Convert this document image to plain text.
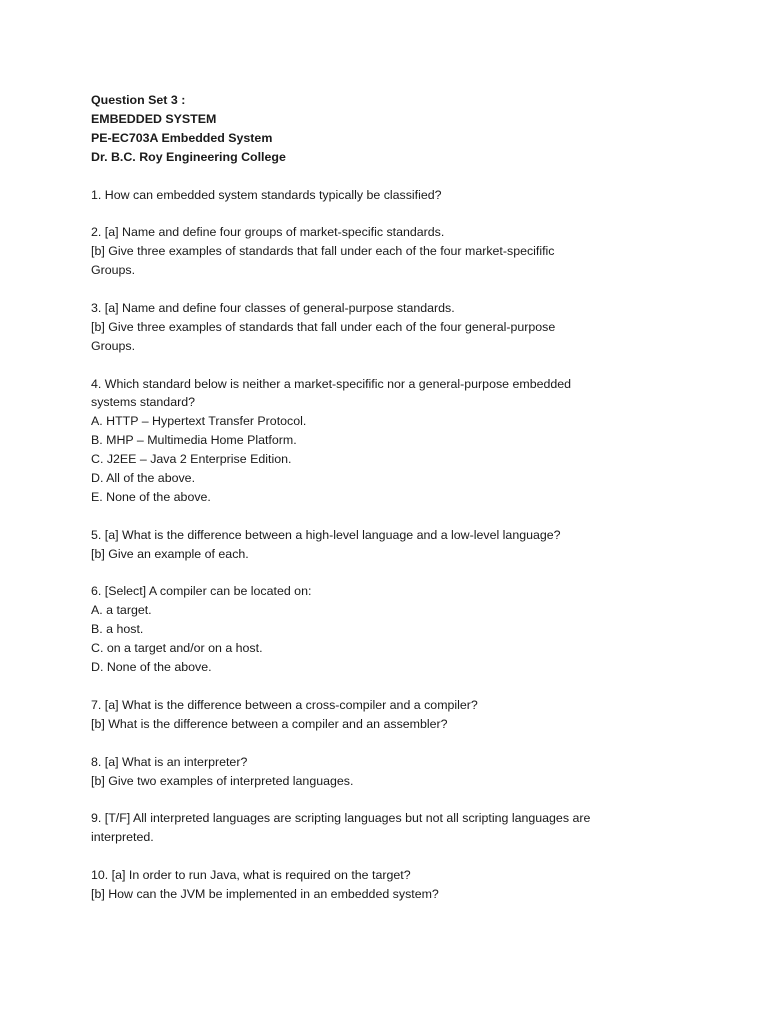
Question Set 3 :
EMBEDDED SYSTEM
PE-EC703A Embedded System
Dr. B.C. Roy Engineering College
1. How can embedded system standards typically be classified?
2. [a] Name and define four groups of market-specific standards.
[b] Give three examples of standards that fall under each of the four market-specifific
Groups.
3. [a] Name and define four classes of general-purpose standards.
[b] Give three examples of standards that fall under each of the four general-purpose
Groups.
4. Which standard below is neither a market-specifific nor a general-purpose embedded
systems standard?
A. HTTP – Hypertext Transfer Protocol.
B. MHP – Multimedia Home Platform.
C. J2EE – Java 2 Enterprise Edition.
D. All of the above.
E. None of the above.
5. [a] What is the difference between a high-level language and a low-level language?
[b] Give an example of each.
6. [Select] A compiler can be located on:
A. a target.
B. a host.
C. on a target and/or on a host.
D. None of the above.
7. [a] What is the difference between a cross-compiler and a compiler?
[b] What is the difference between a compiler and an assembler?
8. [a] What is an interpreter?
[b] Give two examples of interpreted languages.
9. [T/F] All interpreted languages are scripting languages but not all scripting languages are
interpreted.
10. [a] In order to run Java, what is required on the target?
[b] How can the JVM be implemented in an embedded system?
